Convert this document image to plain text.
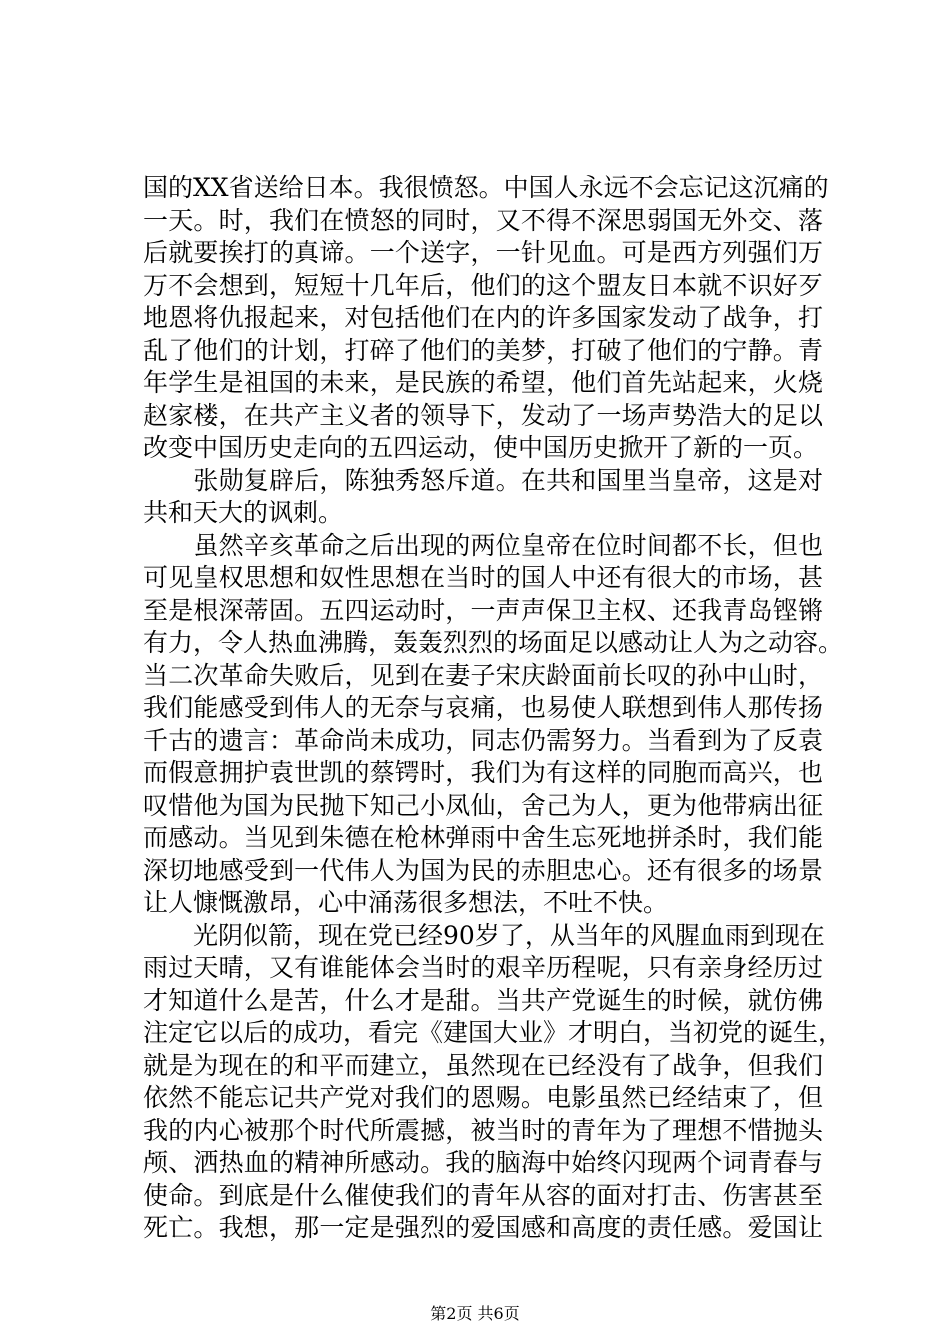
国的XX省送给日本。我很愤怒。中国人永远不会忘记这沉痛的
一天。时，我们在愤怒的同时，又不得不深思弱国无外交、落
后就要挨打的真谛。一个送字，一针见血。可是西方列强们万
万不会想到，短短十几年后，他们的这个盟友日本就不识好歹
地恩将仇报起来，对包括他们在内的许多国家发动了战争，打
乱了他们的计划，打碎了他们的美梦，打破了他们的宁静。青
年学生是祖国的未来，是民族的希望，他们首先站起来，火烧
赵家楼，在共产主义者的领导下，发动了一场声势浩大的足以
改变中国历史走向的五四运动，使中国历史掀开了新的一页。

　　张勋复辟后，陈独秀怒斥道。在共和国里当皇帝，这是对
共和天大的讽刺。

　　虽然辛亥革命之后出现的两位皇帝在位时间都不长，但也
可见皇权思想和奴性思想在当时的国人中还有很大的市场，甚
至是根深蒂固。五四运动时，一声声保卫主权、还我青岛铿锵
有力，令人热血沸腾，轰轰烈烈的场面足以感动让人为之动容。
当二次革命失败后，见到在妻子宋庆龄面前长叹的孙中山时，
我们能感受到伟人的无奈与哀痛，也易使人联想到伟人那传扬
千古的遗言：革命尚未成功，同志仍需努力。当看到为了反袁
而假意拥护袁世凯的蔡锷时，我们为有这样的同胞而高兴，也
叹惜他为国为民抛下知己小凤仙，舍己为人，更为他带病出征
而感动。当见到朱德在枪林弹雨中舍生忘死地拼杀时，我们能
深切地感受到一代伟人为国为民的赤胆忠心。还有很多的场景
让人慷慨激昂，心中涌荡很多想法，不吐不快。

　　光阴似箭，现在党已经90岁了，从当年的风腥血雨到现在
雨过天晴，又有谁能体会当时的艰辛历程呢，只有亲身经历过
才知道什么是苦，什么才是甜。当共产党诞生的时候，就仿佛
注定它以后的成功，看完《建国大业》才明白，当初党的诞生，
就是为现在的和平而建立，虽然现在已经没有了战争，但我们
依然不能忘记共产党对我们的恩赐。电影虽然已经结束了，但
我的内心被那个时代所震撼，被当时的青年为了理想不惜抛头
颅、洒热血的精神所感动。我的脑海中始终闪现两个词青春与
使命。到底是什么催使我们的青年从容的面对打击、伤害甚至
死亡。我想，那一定是强烈的爱国感和高度的责任感。爱国让

第2页 共6页
